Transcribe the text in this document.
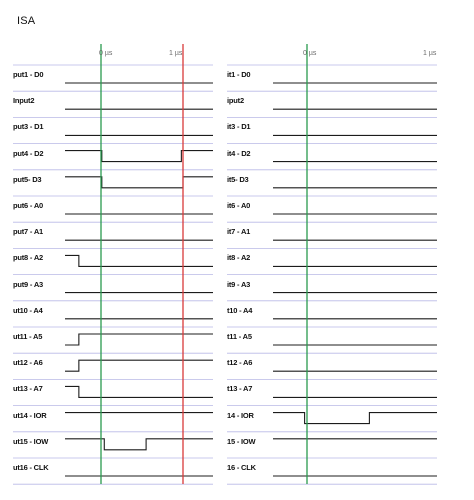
ISA
0 µs	1 µs
put1 - D0
Input2
put3 - D1
put4 - D2
put5- D3
put6 - A0
put7 - A1
put8 - A2
put9 - A3
ut10 - A4
ut11 - A5
ut12 - A6
ut13 - A7
ut14 - IOR
ut15 - IOW
ut16 - CLK
0 µs	1 µs
it1 - D0
iput2
it3 - D1
it4 - D2
it5- D3
it6 - A0
it7 - A1
it8 - A2
it9 - A3
t10 - A4
t11 - A5
t12 - A6
t13 - A7
14 - IOR
15 - IOW
16 - CLK
